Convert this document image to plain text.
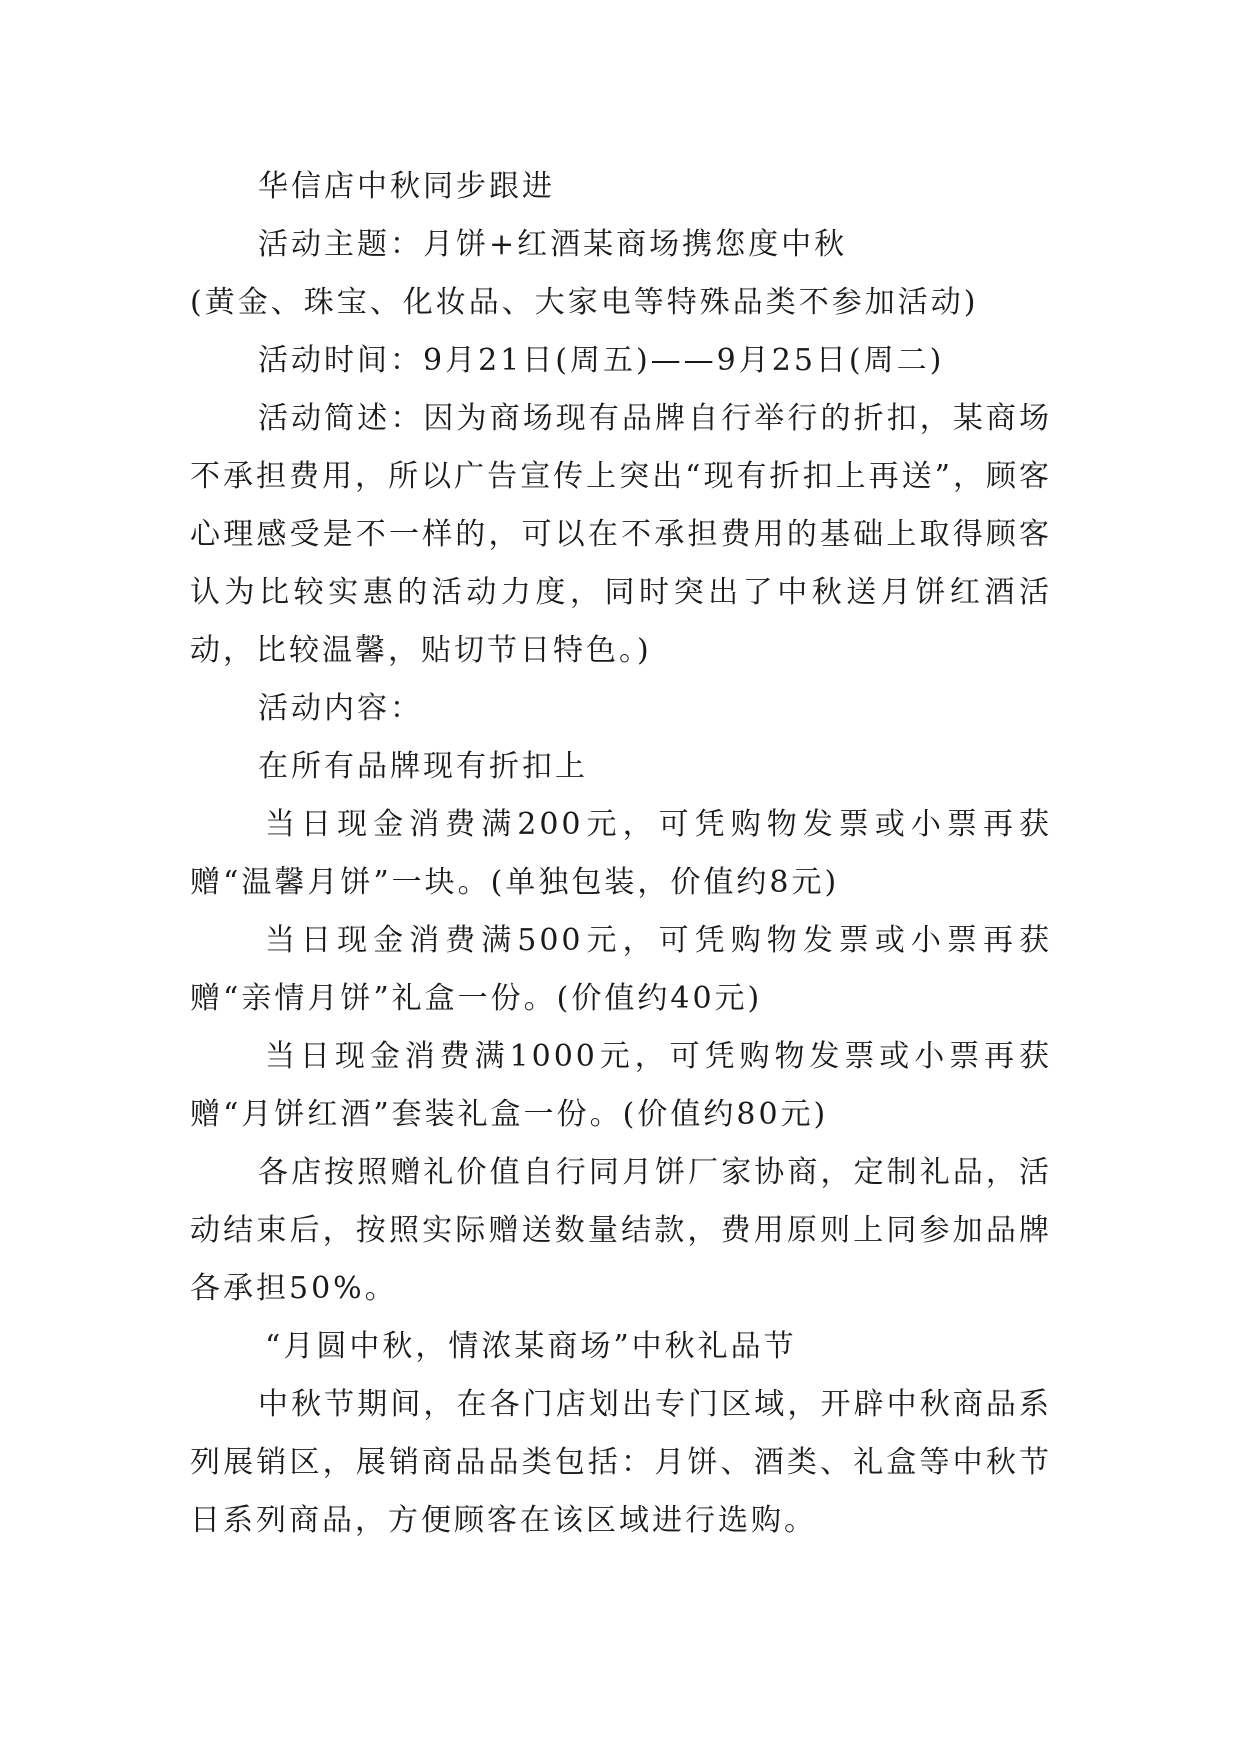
华信店中秋同步跟进

活动主题：月饼+红酒某商场携您度中秋

(黄金、珠宝、化妆品、大家电等特殊品类不参加活动)

活动时间：9月21日(周五)——9月25日(周二)

活动简述：因为商场现有品牌自行举行的折扣，某商场不承担费用，所以广告宣传上突出“现有折扣上再送”，顾客心理感受是不一样的，可以在不承担费用的基础上取得顾客认为比较实惠的活动力度，同时突出了中秋送月饼红酒活动，比较温馨，贴切节日特色。)

活动内容：

在所有品牌现有折扣上

当日现金消费满200元，可凭购物发票或小票再获赠“温馨月饼”一块。(单独包装，价值约8元)

当日现金消费满500元，可凭购物发票或小票再获赠“亲情月饼”礼盒一份。(价值约40元)

当日现金消费满1000元，可凭购物发票或小票再获赠“月饼红酒”套装礼盒一份。(价值约80元)

各店按照赠礼价值自行同月饼厂家协商，定制礼品，活动结束后，按照实际赠送数量结款，费用原则上同参加品牌各承担50%。

“月圆中秋，情浓某商场”中秋礼品节

中秋节期间，在各门店划出专门区域，开辟中秋商品系列展销区，展销商品品类包括：月饼、酒类、礼盒等中秋节日系列商品，方便顾客在该区域进行选购。
